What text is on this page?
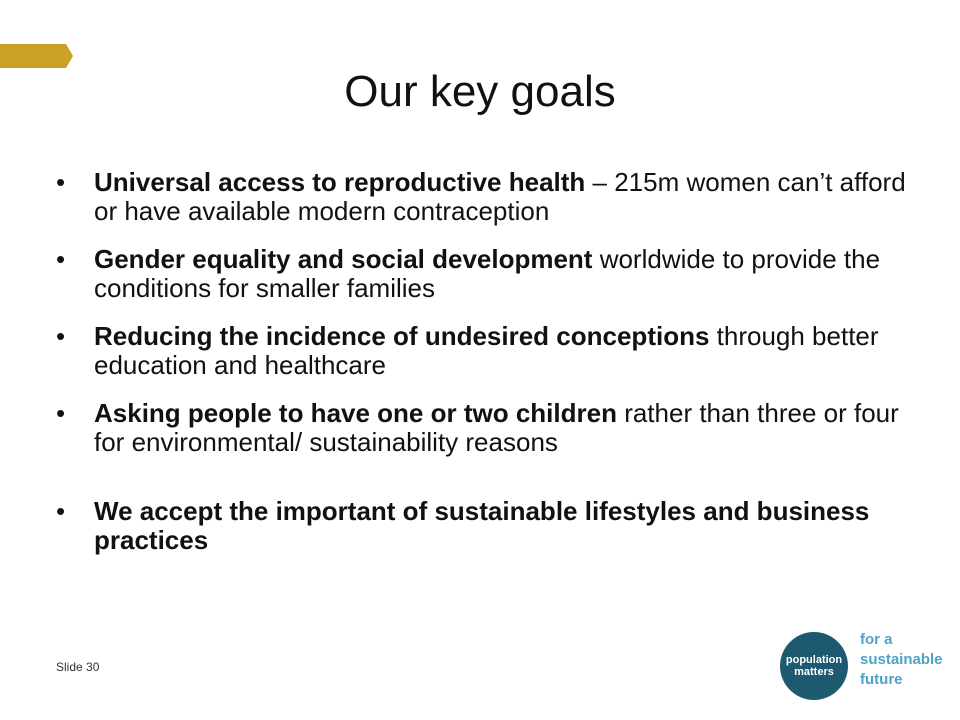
Our key goals
• Universal access to reproductive health – 215m women can’t afford or have available modern contraception
• Gender equality and social development worldwide to provide the conditions for smaller families
• Reducing the incidence of undesired conceptions through better education and healthcare
• Asking people to have one or two children rather than three or four for environmental/ sustainability reasons
• We accept the important of sustainable lifestyles and business practices
Slide 30	population
matters
for a
sustainable
future
